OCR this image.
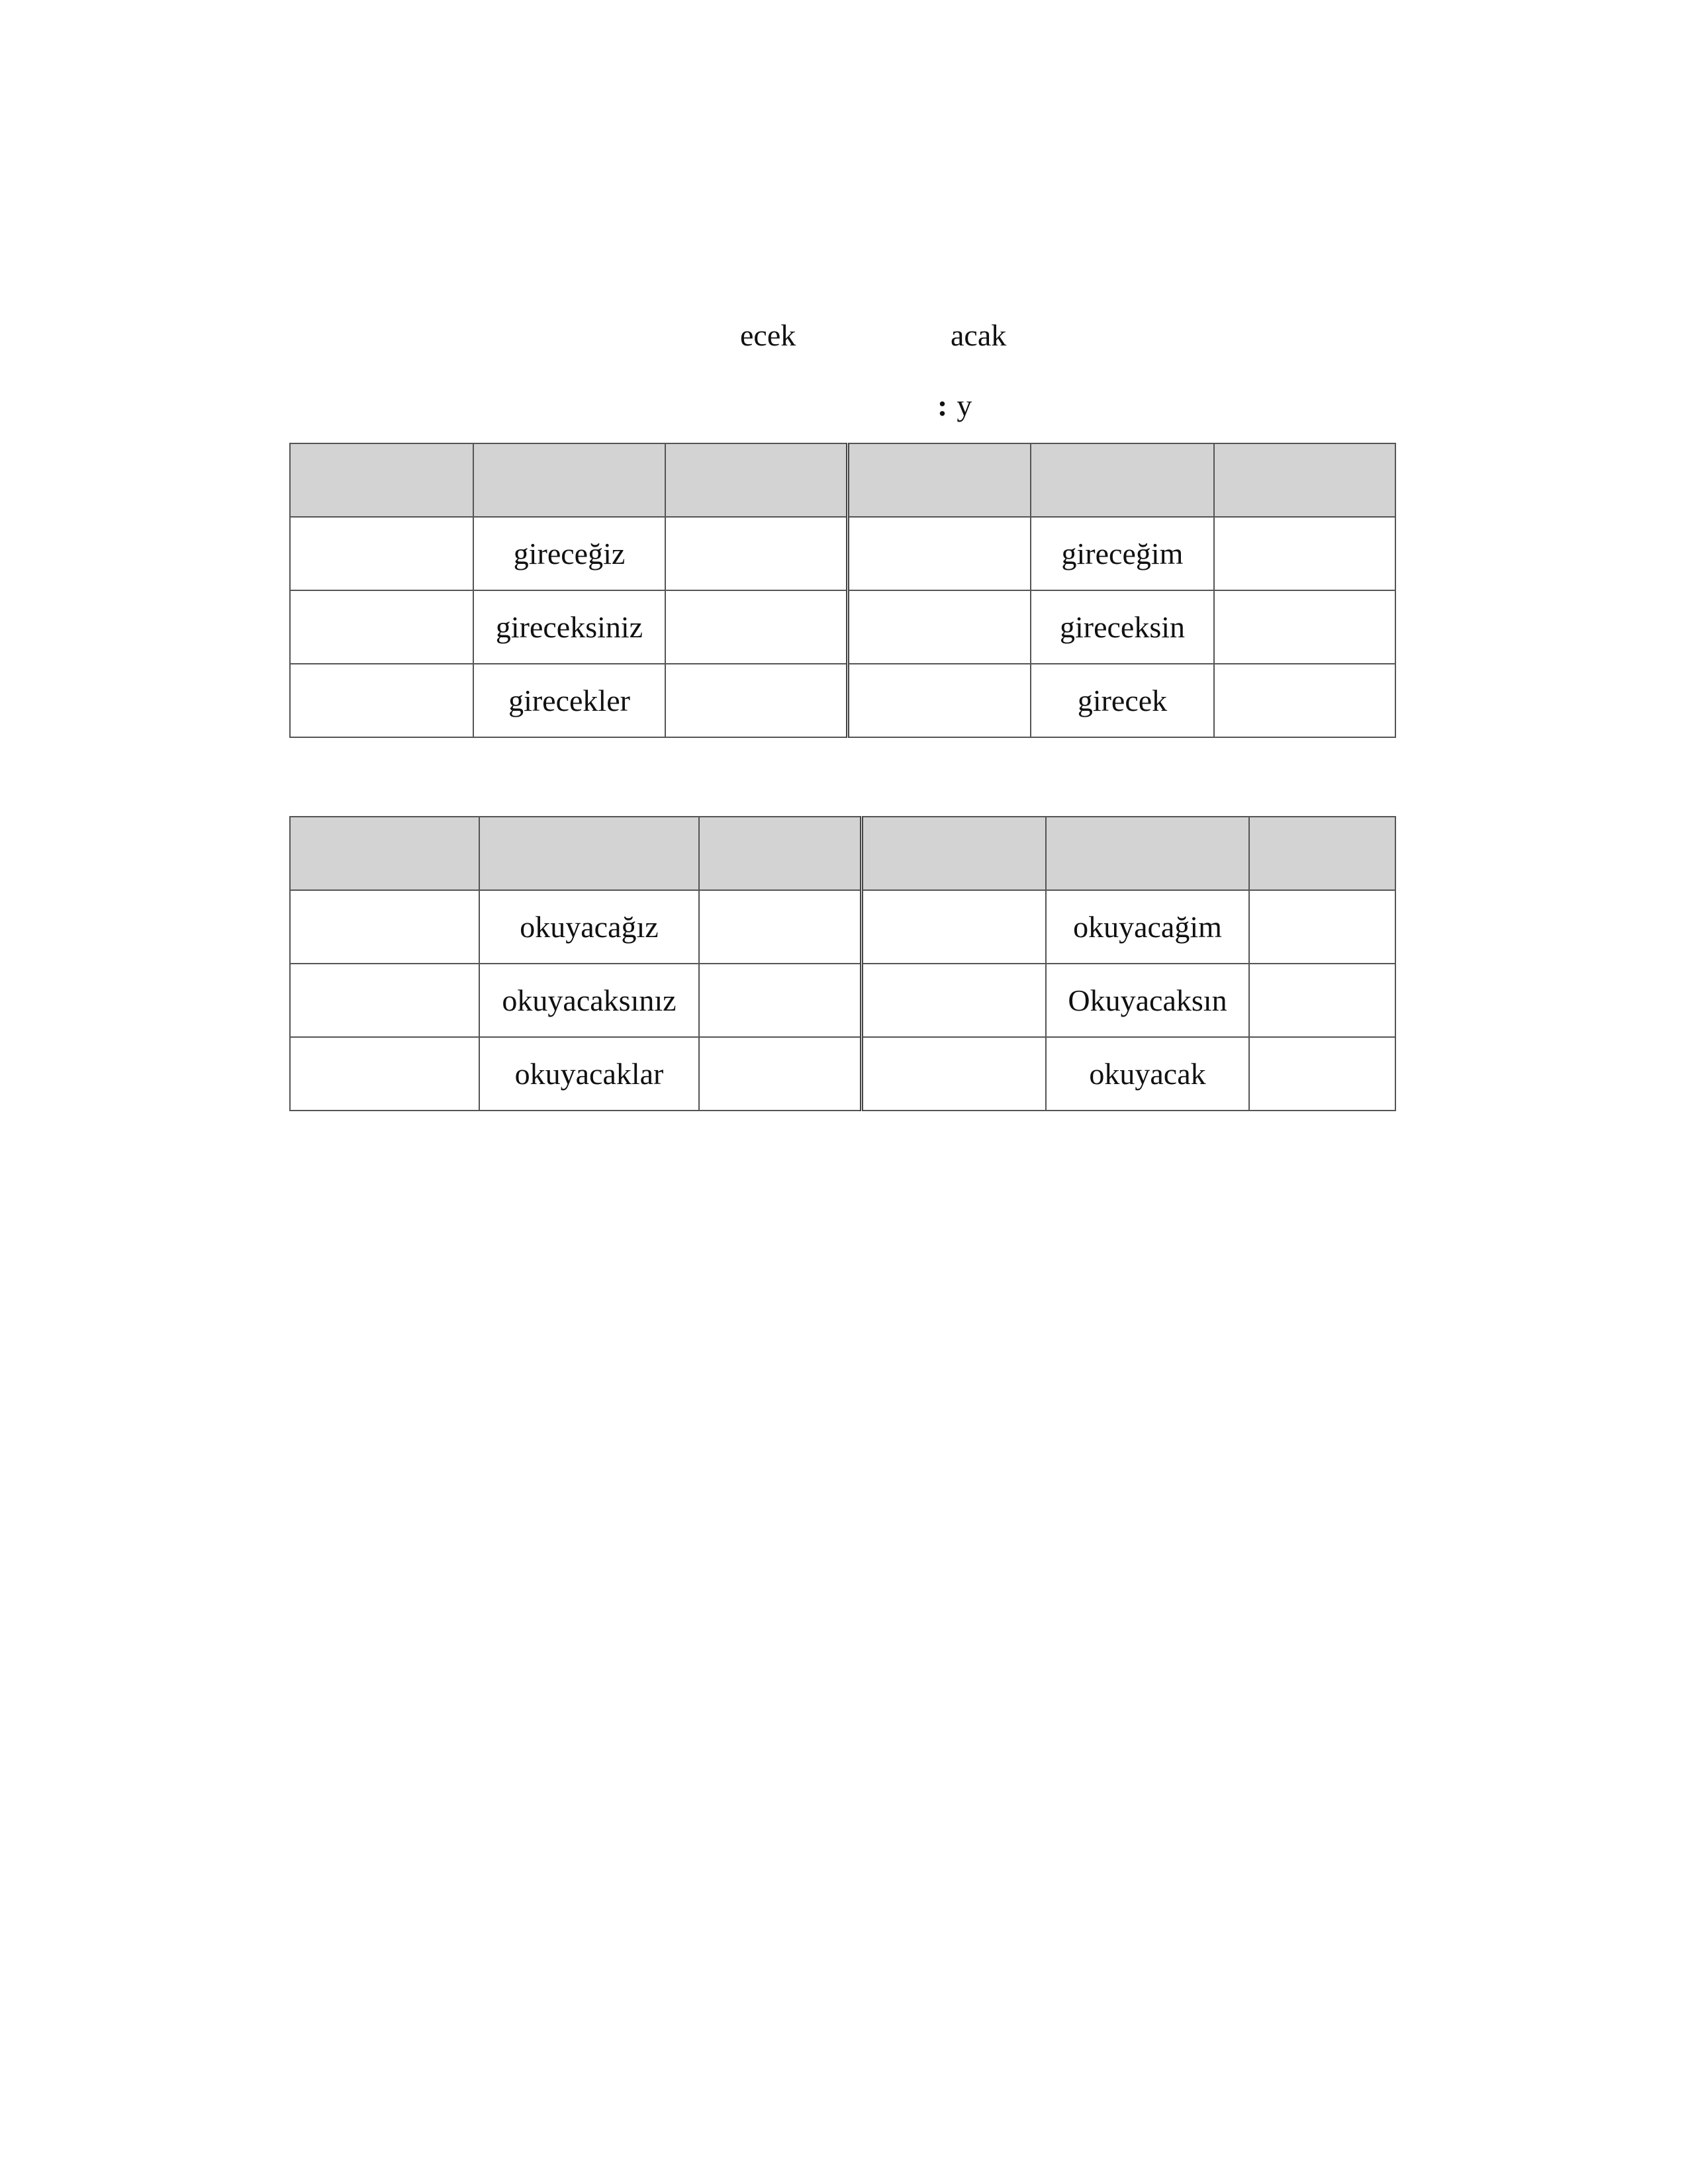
ecek	acak
: y

	gireceğiz			gireceğim	
	gireceksiniz			gireceksin	
	girecekler			girecek	

	okuyacağız			okuyacağim	
	okuyacaksınız			Okuyacaksın	
	okuyacaklar			okuyacak	
